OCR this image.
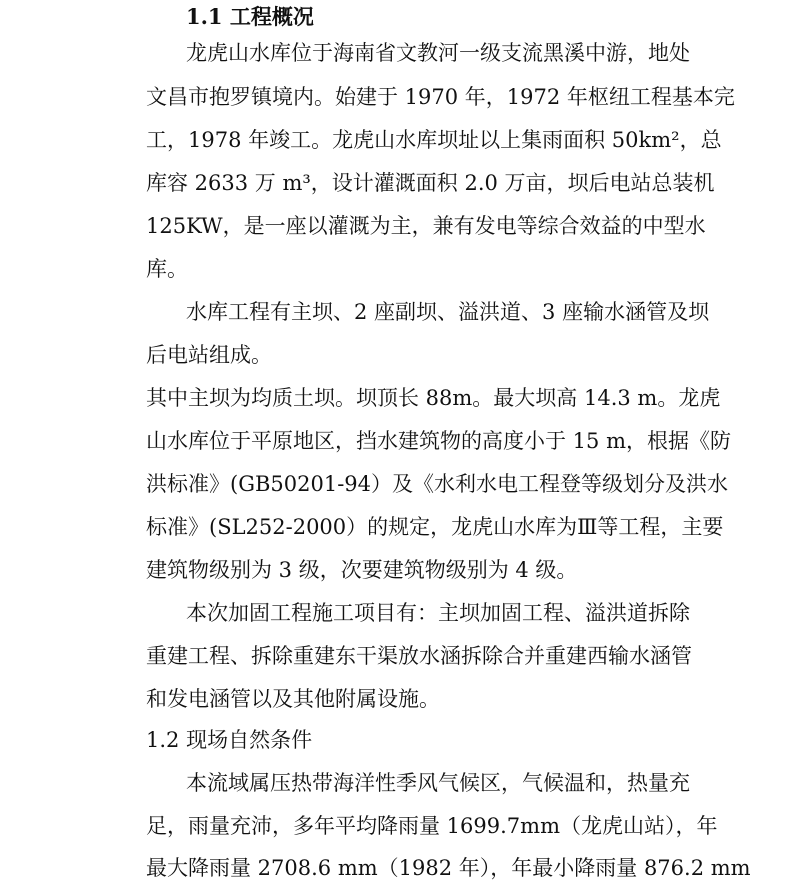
1.1 工程概况
龙虎山水库位于海南省文教河一级支流黑溪中游，地处
文昌市抱罗镇境内。始建于 1970 年，1972 年枢纽工程基本完
工，1978 年竣工。龙虎山水库坝址以上集雨面积 50km²，总
库容 2633 万 m³，设计灌溉面积 2.0 万亩，坝后电站总装机
125KW，是一座以灌溉为主，兼有发电等综合效益的中型水
库。
水库工程有主坝、2 座副坝、溢洪道、3 座输水涵管及坝
后电站组成。
其中主坝为均质土坝。坝顶长 88m。最大坝高 14.3 m。龙虎
山水库位于平原地区，挡水建筑物的高度小于 15 m，根据《防
洪标准》(GB50201-94）及《水利水电工程登等级划分及洪水
标准》(SL252-2000）的规定，龙虎山水库为Ⅲ等工程，主要
建筑物级别为 3 级，次要建筑物级别为 4 级。
本次加固工程施工项目有：主坝加固工程、溢洪道拆除
重建工程、拆除重建东干渠放水涵拆除合并重建西输水涵管
和发电涵管以及其他附属设施。
1.2 现场自然条件
本流域属压热带海洋性季风气候区，气候温和，热量充
足，雨量充沛，多年平均降雨量 1699.7mm（龙虎山站），年
最大降雨量 2708.6 mm（1982 年），年最小降雨量 876.2 mm
